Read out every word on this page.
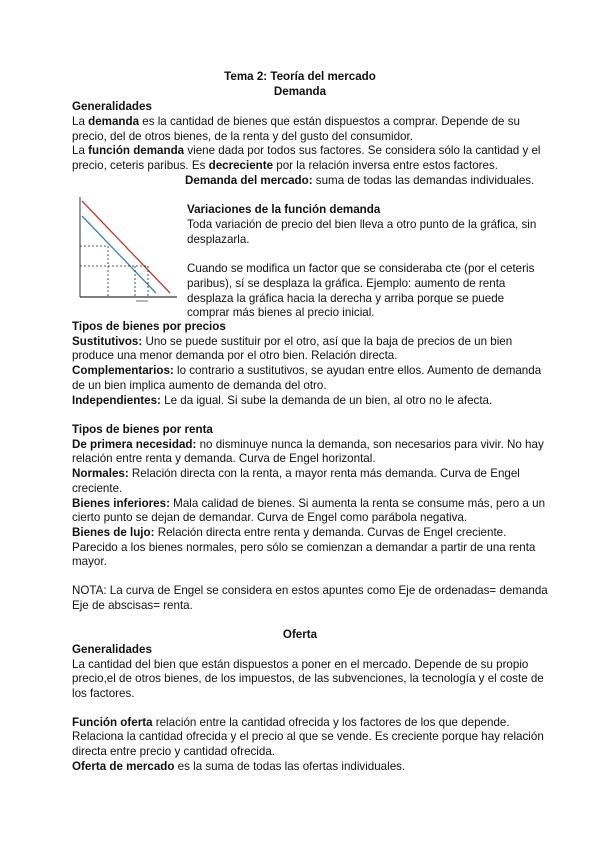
Tema 2: Teoría del mercado
Demanda
Generalidades
La demanda es la cantidad de bienes que están dispuestos a comprar. Depende de su
precio, del de otros bienes, de la renta y del gusto del consumidor.
La función demanda viene dada por todos sus factores. Se considera sólo la cantidad y el
precio, ceteris paribus. Es decreciente por la relación inversa entre estos factores.
Demanda del mercado: suma de todas las demandas individuales.
Variaciones de la función demanda
Toda variación de precio del bien lleva a otro punto de la gráfica, sin
desplazarla.
Cuando se modifica un factor que se consideraba cte (por el ceteris
paribus), sí se desplaza la gráfica. Ejemplo: aumento de renta
desplaza la gráfica hacia la derecha y arriba porque se puede
comprar más bienes al precio inicial.
Tipos de bienes por precios
Sustitutivos: Uno se puede sustituir por el otro, así que la baja de precios de un bien
produce una menor demanda por el otro bien. Relación directa.
Complementarios: lo contrario a sustitutivos, se ayudan entre ellos. Aumento de demanda
de un bien implica aumento de demanda del otro.
Independientes: Le da igual. Si sube la demanda de un bien, al otro no le afecta.
Tipos de bienes por renta
De primera necesidad: no disminuye nunca la demanda, son necesarios para vivir. No hay
relación entre renta y demanda. Curva de Engel horizontal.
Normales: Relación directa con la renta, a mayor renta más demanda. Curva de Engel
creciente.
Bienes inferiores: Mala calidad de bienes. Si aumenta la renta se consume más, pero a un
cierto punto se dejan de demandar. Curva de Engel como parábola negativa.
Bienes de lujo: Relación directa entre renta y demanda. Curvas de Engel creciente.
Parecido a los bienes normales, pero sólo se comienzan a demandar a partir de una renta
mayor.
NOTA: La curva de Engel se considera en estos apuntes como Eje de ordenadas= demanda
Eje de abscisas= renta.
Oferta
Generalidades
La cantidad del bien que están dispuestos a poner en el mercado. Depende de su propio
precio,el de otros bienes, de los impuestos, de las subvenciones, la tecnología y el coste de
los factores.
Función oferta relación entre la cantidad ofrecida y los factores de los que depende.
Relaciona la cantidad ofrecida y el precio al que se vende. Es creciente porque hay relación
directa entre precio y cantidad ofrecida.
Oferta de mercado es la suma de todas las ofertas individuales.
